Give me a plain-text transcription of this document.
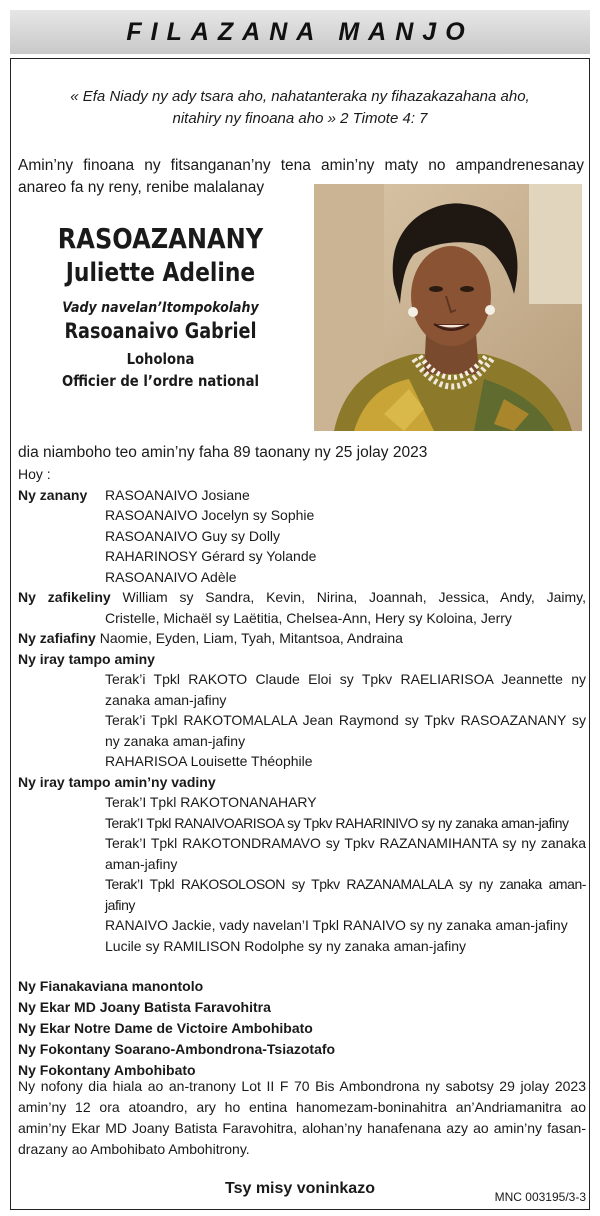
FILAZANA MANJO
« Efa Niady ny ady tsara aho, nahatanteraka ny fihazakazahana aho,
nitahiry ny finoana aho » 2 Timote 4: 7
Amin’ny finoana ny fitsanganan’ny tena amin’ny maty no ampandrenesanay
anareo fa ny reny, renibe malalanay
RASOAZANANY
Juliette Adeline
Vady navelan’Itompokolahy
Rasoanaivo Gabriel
Loholona
Officier de l’ordre national
dia niamboho teo amin’ny faha 89 taonany ny 25 jolay 2023
Hoy :
Ny zanany	RASOANAIVO Josiane
RASOANAIVO Jocelyn sy Sophie
RASOANAIVO Guy sy Dolly
RAHARINOSY Gérard sy Yolande
RASOANAIVO Adèle
Ny zafikeliny William sy Sandra, Kevin, Nirina, Joannah, Jessica, Andy, Jaimy,
Cristelle, Michaël sy Laëtitia, Chelsea-Ann, Hery sy Koloina, Jerry
Ny zafiafiny Naomie, Eyden, Liam, Tyah, Mitantsoa, Andraina
Ny iray tampo aminy
Terak’i Tpkl RAKOTO Claude Eloi sy Tpkv RAELIARISOA Jeannette ny zanaka aman-jafiny
Terak’i Tpkl RAKOTOMALALA Jean Raymond sy Tpkv RASOAZANANY sy ny zanaka aman-jafiny
RAHARISOA Louisette Théophile
Ny iray tampo amin’ny vadiny
Terak’I Tpkl RAKOTONANAHARY
Terak’I Tpkl RANAIVOARISOA sy Tpkv RAHARINIVO sy ny zanaka aman-jafiny
Terak’I Tpkl RAKOTONDRAMAVO sy Tpkv RAZANAMIHANTA sy ny zanaka aman-jafiny
Terak’I Tpkl RAKOSOLOSON sy Tpkv RAZANAMALALA sy ny zanaka aman-jafiny
RANAIVO Jackie, vady navelan’I Tpkl RANAIVO sy ny zanaka aman-jafiny
Lucile sy RAMILISON Rodolphe sy ny zanaka aman-jafiny
Ny Fianakaviana manontolo
Ny Ekar MD Joany Batista Faravohitra
Ny Ekar Notre Dame de Victoire Ambohibato
Ny Fokontany Soarano-Ambondrona-Tsiazotafo
Ny Fokontany Ambohibato
Ny nofony dia hiala ao an-tranony Lot II F 70 Bis Ambondrona ny sabotsy 29 jolay 2023 amin’ny 12 ora atoandro, ary ho entina hanomezam-boninahitra an’Andriamanitra ao amin’ny Ekar MD Joany Batista Faravohitra, alohan’ny hanafenana azy ao amin’ny fasan-drazany ao Ambohibato Ambohitrony.
Tsy misy voninkazo	MNC 003195/3-3
